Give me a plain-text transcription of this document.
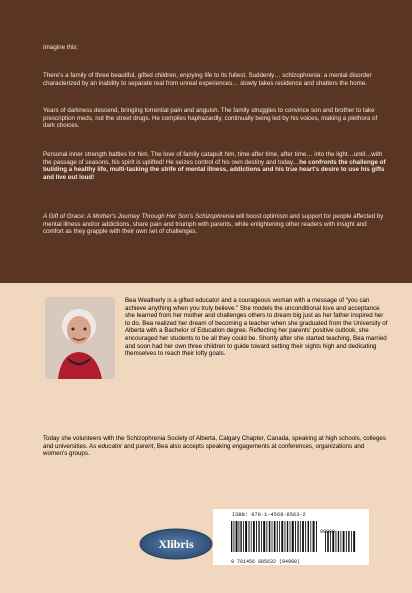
Imagine this:

There's a family of three beautiful, gifted children, enjoying life to its fullest. Suddenly… schizophrenia: a mental disorder characterized by an inability to separate real from unreal experiences… slowly takes residence and shatters the home.

Years of darkness descend, bringing torrential pain and anguish. The family struggles to convince son and brother to take prescription meds, not the street drugs. He complies haphazardly, continually being led by his voices, making a plethora of dark choices.

Personal inner strength battles for him. The love of family catapult him, time after time, after time… into the light…until…with the passage of seasons, his spirit is uplifted! He seizes control of his own destiny and today…he confronts the challenge of building a healthy life, multi-tasking the strife of mental illness, addictions and his true heart's desire to use his gifts and live out loud!

A Gift of Grace: A Mother's Journey Through Her Son's Schizophrenia will boost optimism and support for people affected by mental illness and/or addictions, share pain and triumph with parents, while enlightening other readers with insight and comfort as they grapple with their own set of challenges.

Bea Weatherly is a gifted educator and a courageous woman with a message of “you can achieve anything when you truly believe.” She models the unconditional love and acceptance she learned from her mother and challenges others to dream big just as her father inspired her to do. Bea realized her dream of becoming a teacher when she graduated from the University of Alberta with a Bachelor of Education degree. Reflecting her parents’ positive outlook, she encouraged her students to be all they could be. Shortly after she started teaching, Bea married and soon had her own three children to guide toward setting their sights high and dedicating themselves to reach their lofty goals.
Today she volunteers with the Schizophrenia Society of Alberta, Calgary Chapter, Canada, speaking at high schools, colleges and universities. As educator and parent, Bea also accepts speaking engagements at conferences, organizations and women’s groups.
Xlibris
ISBN: 978-1-4568-8563-2
90000
9 781456 885632 (94998)
